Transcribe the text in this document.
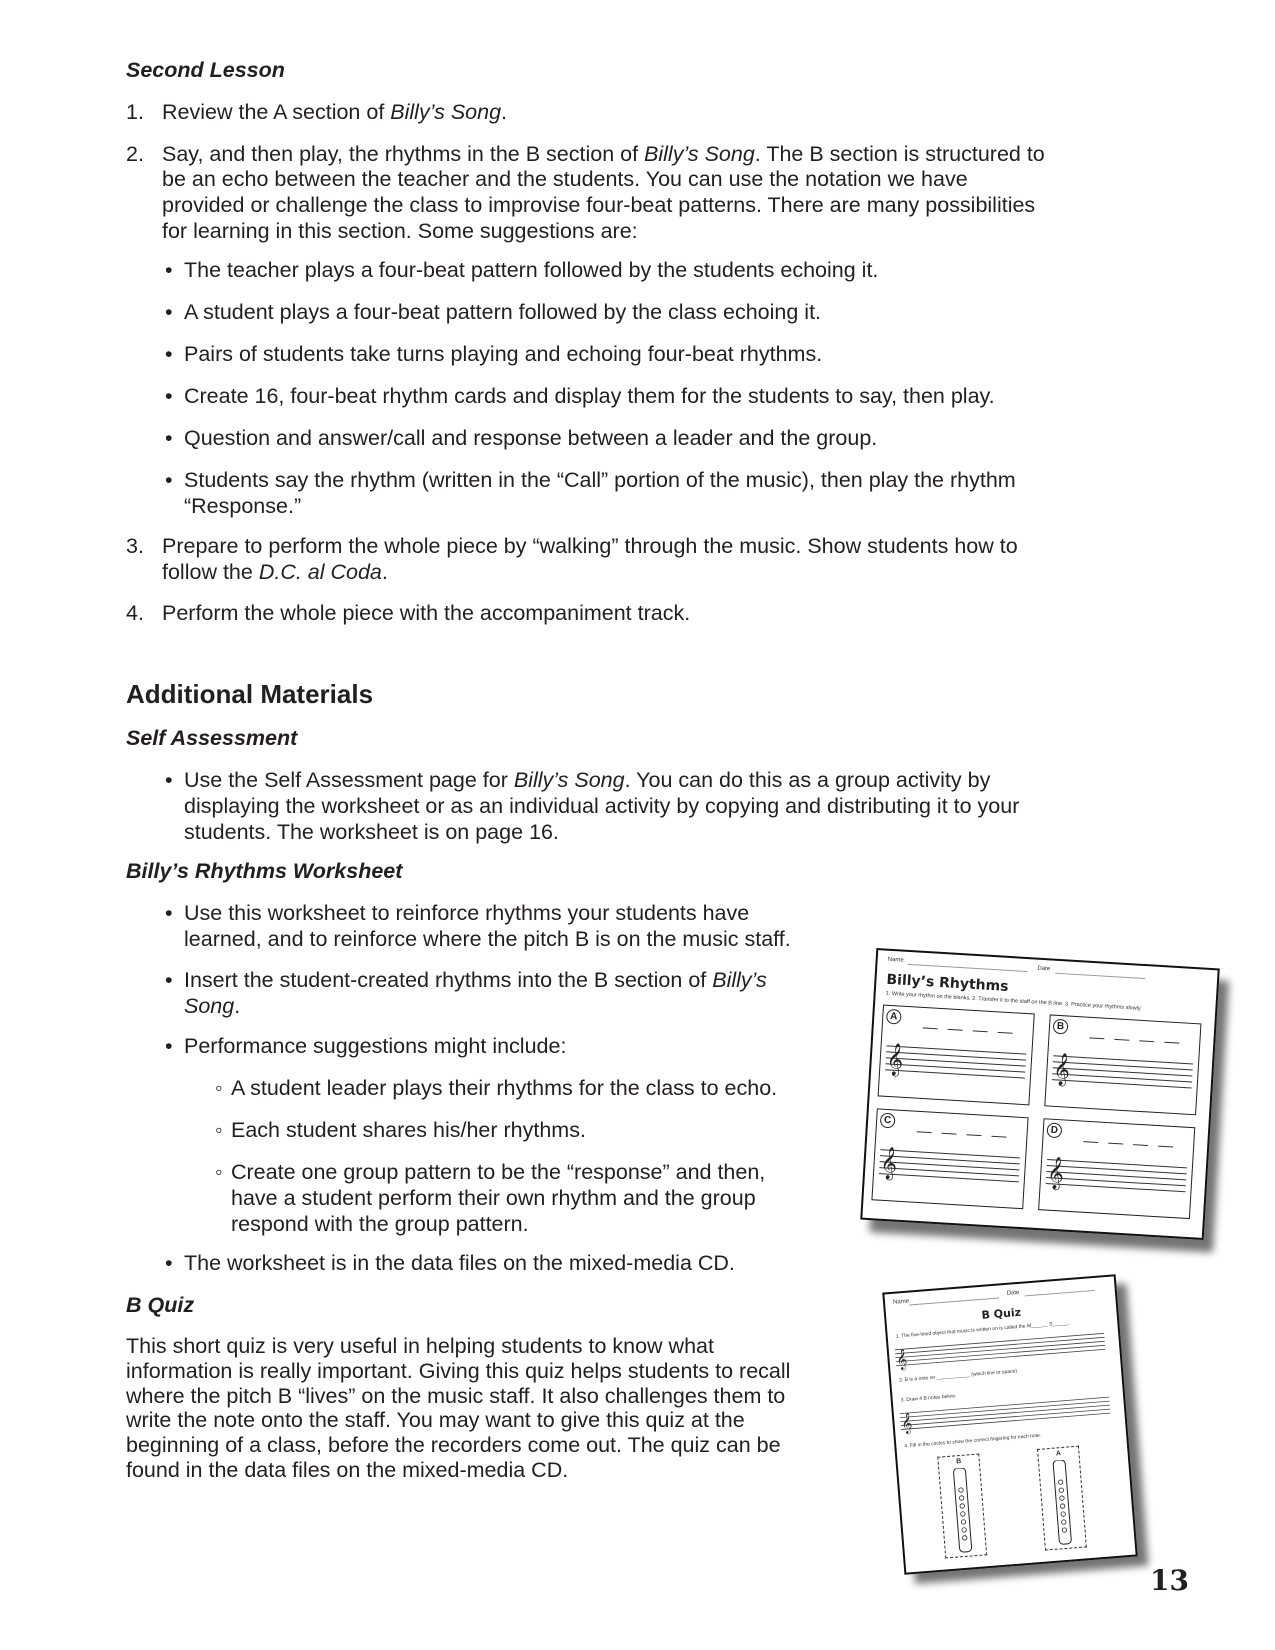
Second Lesson
1. Review the A section of Billy’s Song.
2. Say, and then play, the rhythms in the B section of Billy’s Song. The B section is structured to
be an echo between the teacher and the students. You can use the notation we have
provided or challenge the class to improvise four-beat patterns. There are many possibilities
for learning in this section. Some suggestions are:
• The teacher plays a four-beat pattern followed by the students echoing it.
• A student plays a four-beat pattern followed by the class echoing it.
• Pairs of students take turns playing and echoing four-beat rhythms.
• Create 16, four-beat rhythm cards and display them for the students to say, then play.
• Question and answer/call and response between a leader and the group.
• Students say the rhythm (written in the “Call” portion of the music), then play the rhythm
“Response.”
3. Prepare to perform the whole piece by “walking” through the music. Show students how to
follow the D.C. al Coda.
4. Perform the whole piece with the accompaniment track.
Additional Materials
Self Assessment
• Use the Self Assessment page for Billy’s Song. You can do this as a group activity by
displaying the worksheet or as an individual activity by copying and distributing it to your
students. The worksheet is on page 16.
Billy’s Rhythms Worksheet
• Use this worksheet to reinforce rhythms your students have
learned, and to reinforce where the pitch B is on the music staff.
• Insert the student-created rhythms into the B section of Billy’s
Song.
• Performance suggestions might include:
◦ A student leader plays their rhythms for the class to echo.
◦ Each student shares his/her rhythms.
◦ Create one group pattern to be the “response” and then,
have a student perform their own rhythm and the group
respond with the group pattern.
• The worksheet is in the data files on the mixed-media CD.
B Quiz
This short quiz is very useful in helping students to know what
information is really important. Giving this quiz helps students to recall
where the pitch B “lives” on the music staff. It also challenges them to
write the note onto the staff. You may want to give this quiz at the
beginning of a class, before the recorders come out. The quiz can be
found in the data files on the mixed-media CD.
Name
Date
Billy’s Rhythms
1. Write your rhythm on the blanks. 2. Transfer it to the staff on the B line. 3. Practice your rhythms slowly.
A
𝄞
B
𝄞
C
𝄞
D
𝄞
Name
Date
B Quiz
1. The five-lined object that music is written on is called the M______ S______.
𝄞
2. B is a note on ____________ (which line or space)
3. Draw 4 B notes below.
𝄞
4. Fill in the circles to show the correct fingering for each note.
B
A
13
